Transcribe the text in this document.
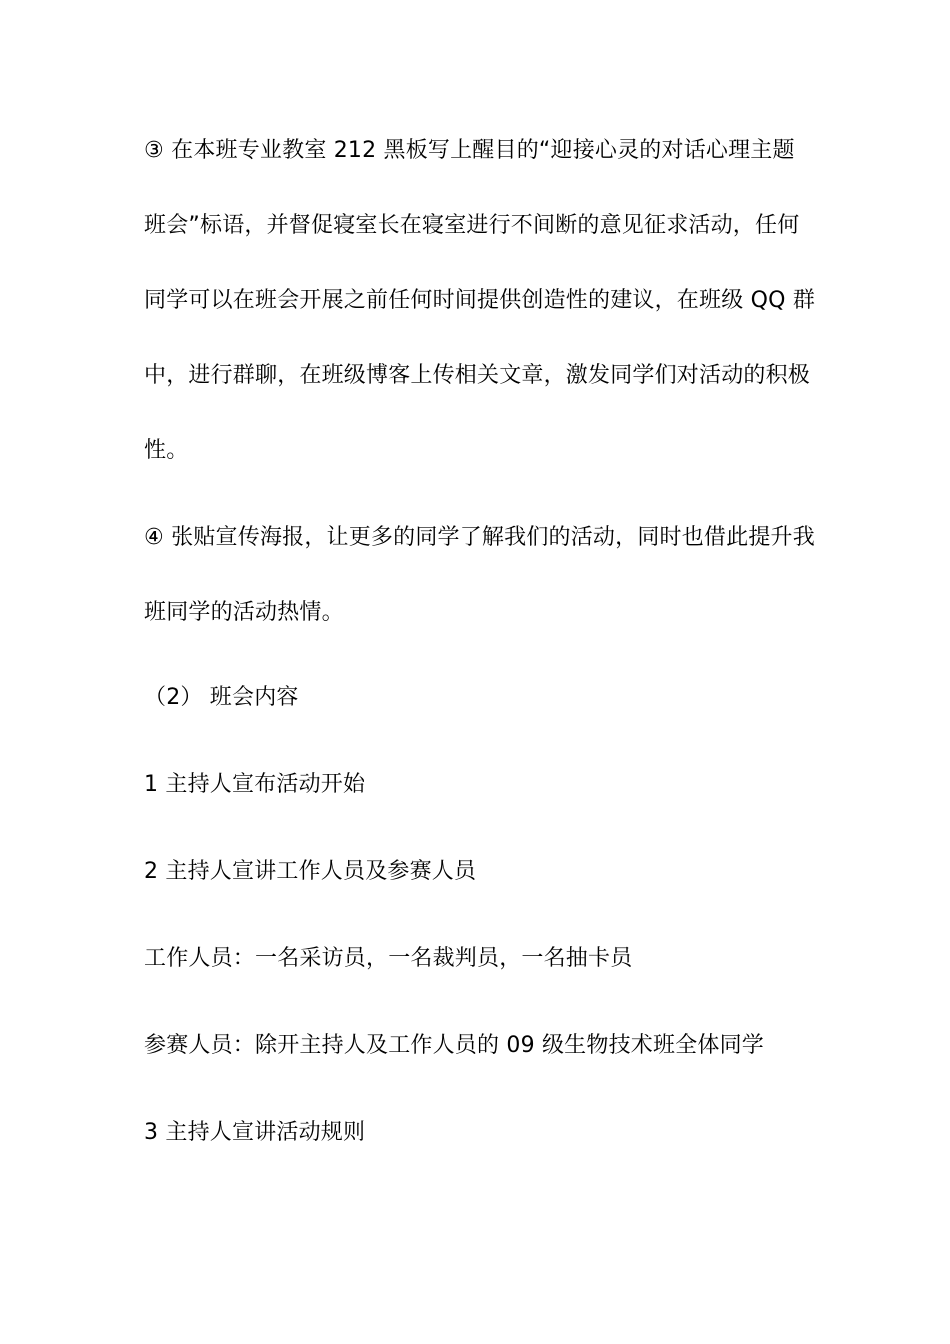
③ 在本班专业教室 212 黑板写上醒目的“迎接心灵的对话心理主题
班会”标语，并督促寝室长在寝室进行不间断的意见征求活动，任何
同学可以在班会开展之前任何时间提供创造性的建议，在班级 QQ 群
中，进行群聊，在班级博客上传相关文章，激发同学们对活动的积极
性。
④ 张贴宣传海报，让更多的同学了解我们的活动，同时也借此提升我
班同学的活动热情。
（2） 班会内容
1 主持人宣布活动开始
2 主持人宣讲工作人员及参赛人员
工作人员：一名采访员，一名裁判员，一名抽卡员
参赛人员：除开主持人及工作人员的 09 级生物技术班全体同学
3 主持人宣讲活动规则
